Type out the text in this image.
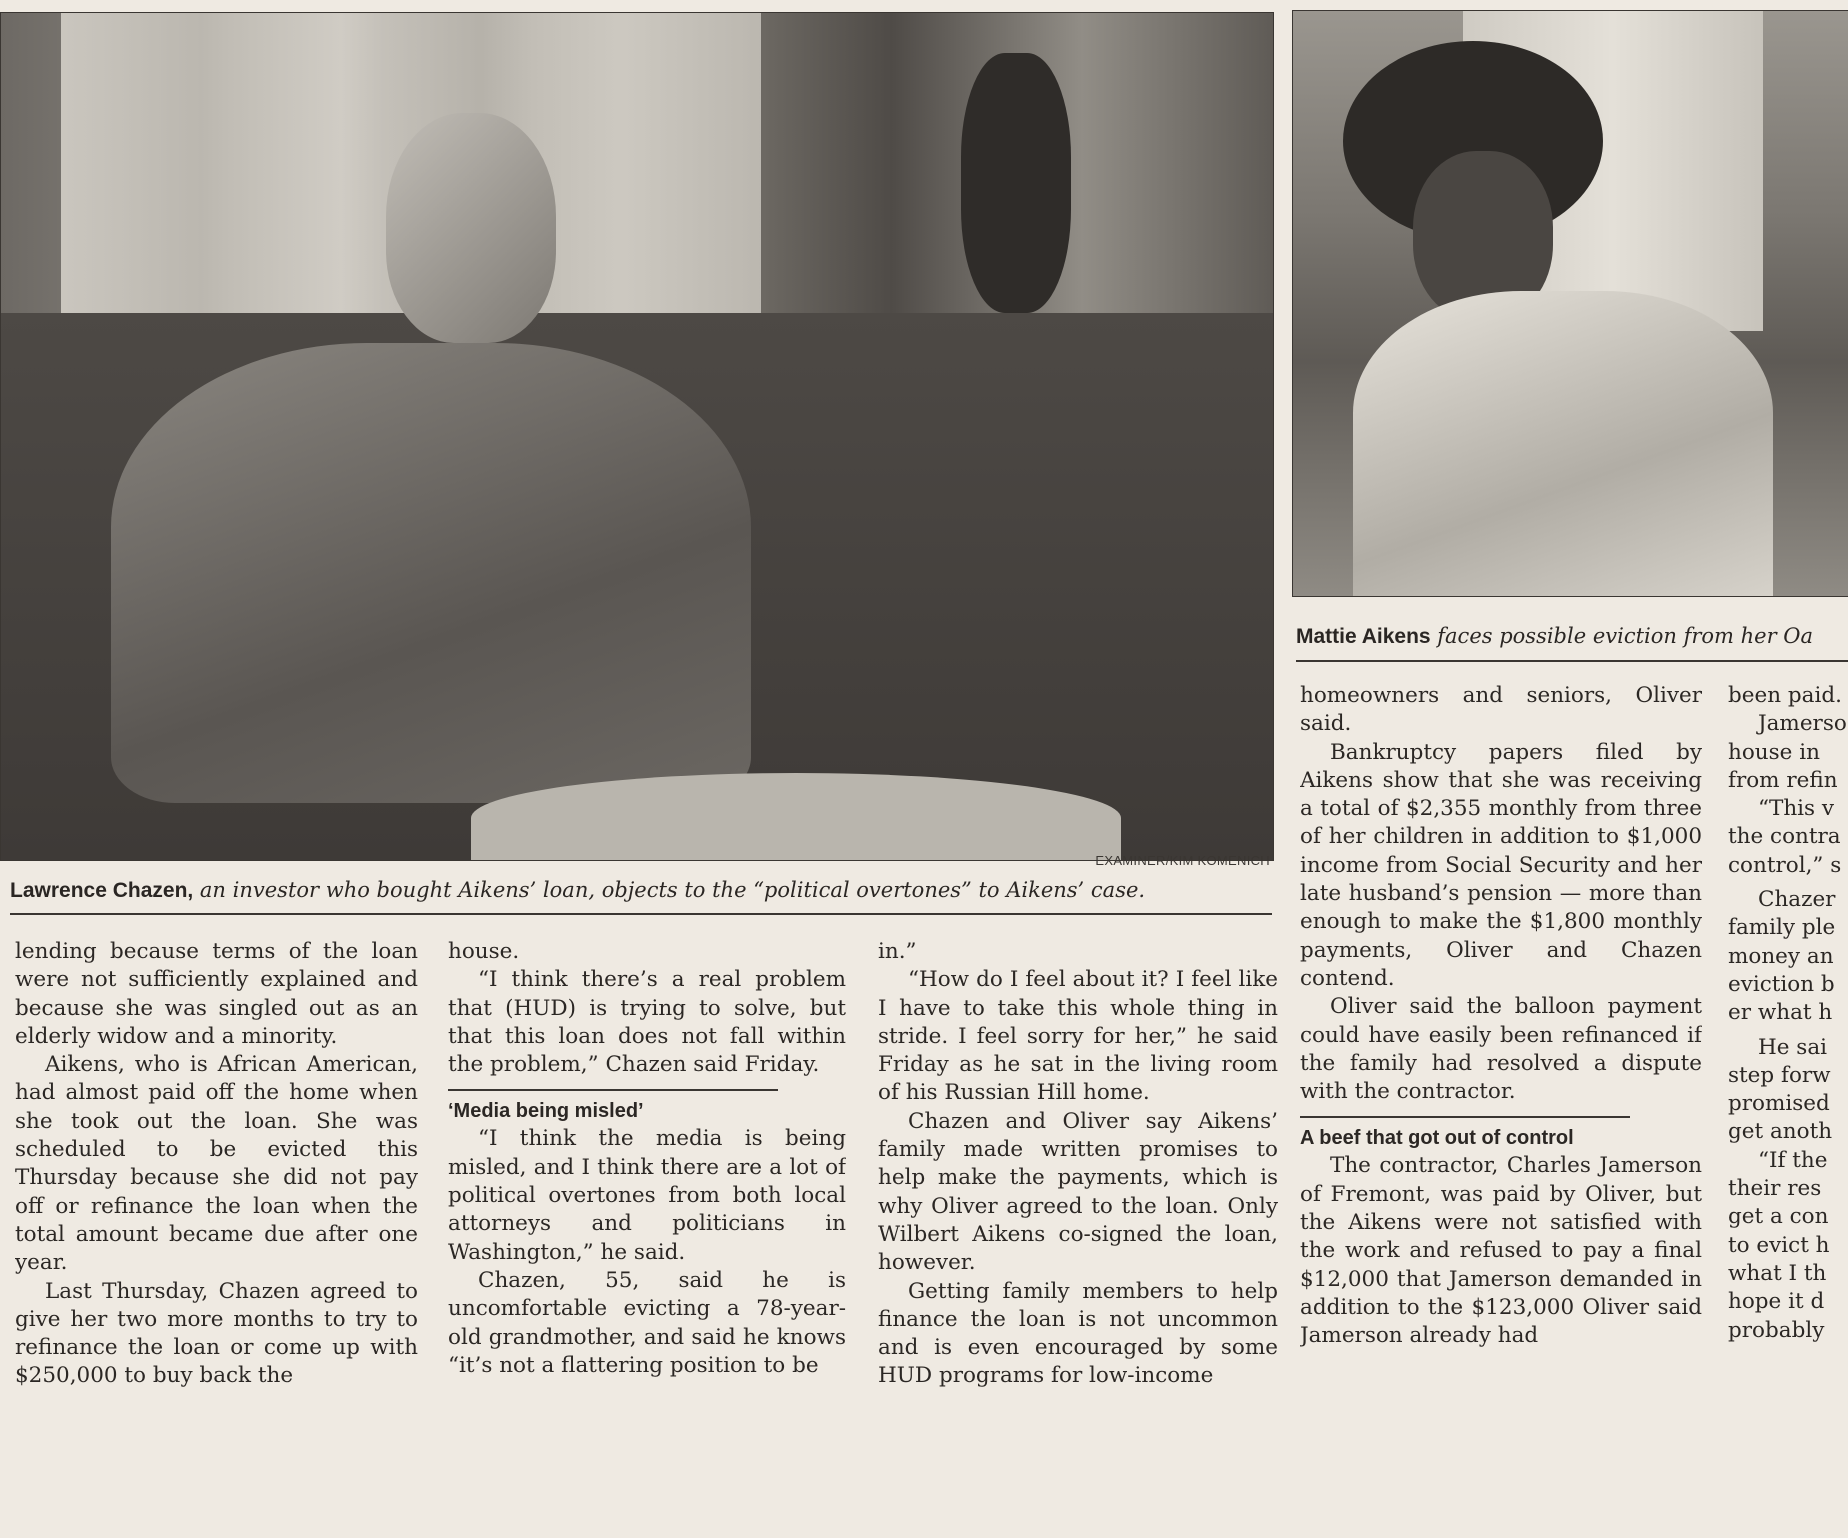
EXAMINER/KIM KOMENICH
Lawrence Chazen, an investor who bought Aikens’ loan, objects to the “political overtones” to Aikens’ case.
Mattie Aikens faces possible eviction from her Oa

lending because terms of the loan were not sufficiently explained and because she was singled out as an elderly widow and a minority.

Aikens, who is African American, had almost paid off the home when she took out the loan. She was scheduled to be evicted this Thursday because she did not pay off or refinance the loan when the total amount became due after one year.

Last Thursday, Chazen agreed to give her two more months to try to refinance the loan or come up with $250,000 to buy back the

house.

“I think there’s a real problem that (HUD) is trying to solve, but that this loan does not fall within the problem,” Chazen said Friday.

‘Media being misled’

“I think the media is being misled, and I think there are a lot of political overtones from both local attorneys and politicians in Washington,” he said.

Chazen, 55, said he is uncomfortable evicting a 78-year-old grandmother, and said he knows “it’s not a flattering position to be

in.”

“How do I feel about it? I feel like I have to take this whole thing in stride. I feel sorry for her,” he said Friday as he sat in the living room of his Russian Hill home.

Chazen and Oliver say Aikens’ family made written promises to help make the payments, which is why Oliver agreed to the loan. Only Wilbert Aikens co-signed the loan, however.

Getting family members to help finance the loan is not uncommon and is even encouraged by some HUD programs for low-income

homeowners and seniors, Oliver said.

Bankruptcy papers filed by Aikens show that she was receiving a total of $2,355 monthly from three of her children in addition to $1,000 income from Social Security and her late husband’s pension — more than enough to make the $1,800 monthly payments, Oliver and Chazen contend.

Oliver said the balloon payment could have easily been refinanced if the family had resolved a dispute with the contractor.

A beef that got out of control

The contractor, Charles Jamerson of Fremont, was paid by Oliver, but the Aikens were not satisfied with the work and refused to pay a final $12,000 that Jamerson demanded in addition to the $123,000 Oliver said Jamerson already had

been paid.

Jamerso

house in

from refin

“This v

the contra

control,” s

Chazer

family ple

money an

eviction b

er what h

He sai

step forw

promised

get anoth

“If the

their res

get a con

to evict h

what I th

hope it d

probably
